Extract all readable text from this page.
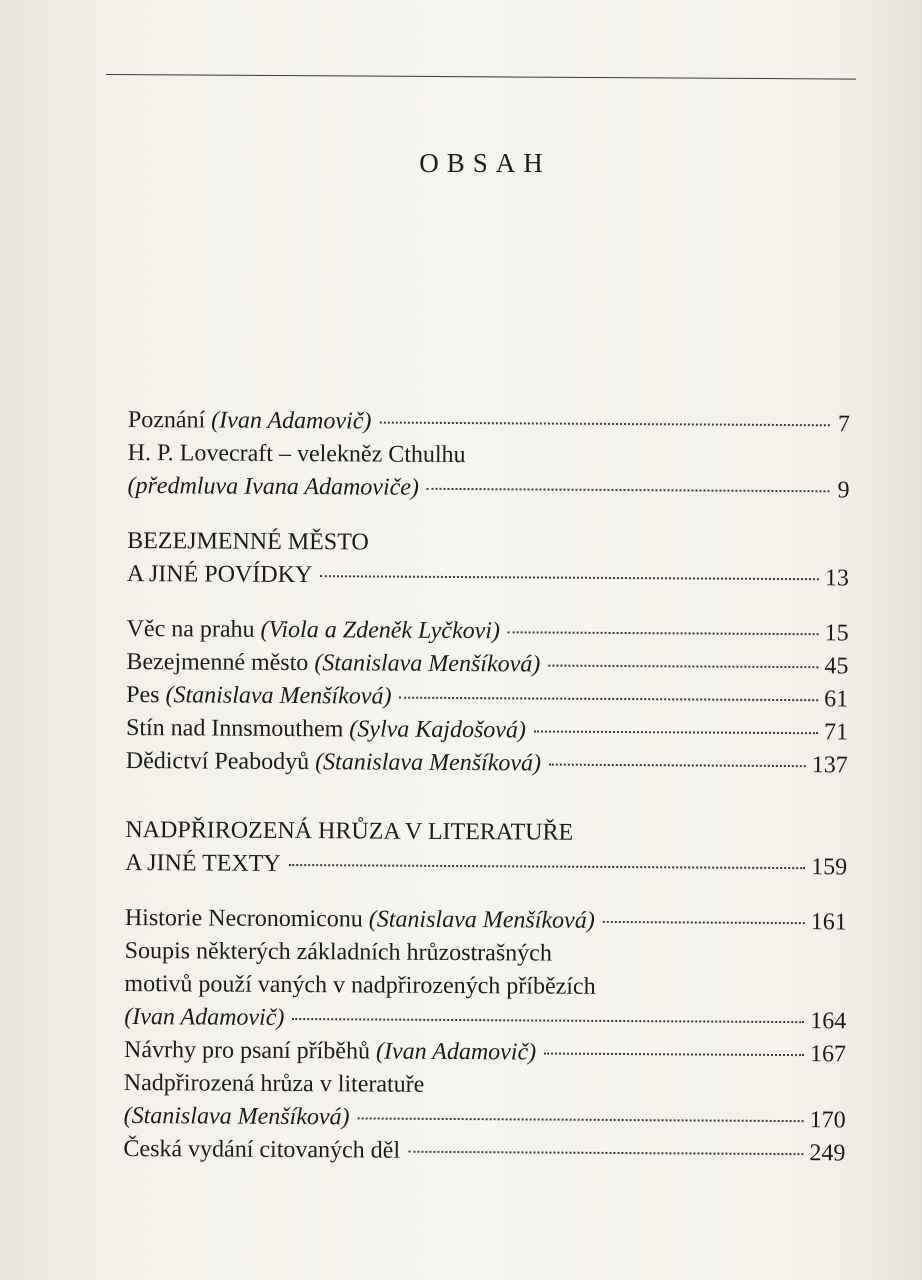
OBSAH
Poznání
(Ivan Adamovič)	7
H. P. Lovecraft – velekněz Cthulhu
(předmluva Ivana Adamoviče)	9
BEZEJMENNÉ MĚSTO
A JINÉ POVÍDKY	13
Věc na prahu
(Viola a Zdeněk Lyčkovi)	15
Bezejmenné město
(Stanislava Menšíková)	45
Pes
(Stanislava Menšíková)	61
Stín nad Innsmouthem
(Sylva Kajdošová)	71
Dědictví Peabodyů
(Stanislava Menšíková)	137
NADPŘIROZENÁ HRŮZA V LITERATUŘE
A JINÉ TEXTY	159
Historie Necronomiconu
(Stanislava Menšíková)	161
Soupis některých základních hrůzostrašných
motivů použí vaných v nadpřirozených příbězích
(Ivan Adamovič)	164
Návrhy pro psaní příběhů
(Ivan Adamovič)	167
Nadpřirozená hrůza v literatuře
(Stanislava Menšíková)	170
Česká vydání citovaných děl	249
